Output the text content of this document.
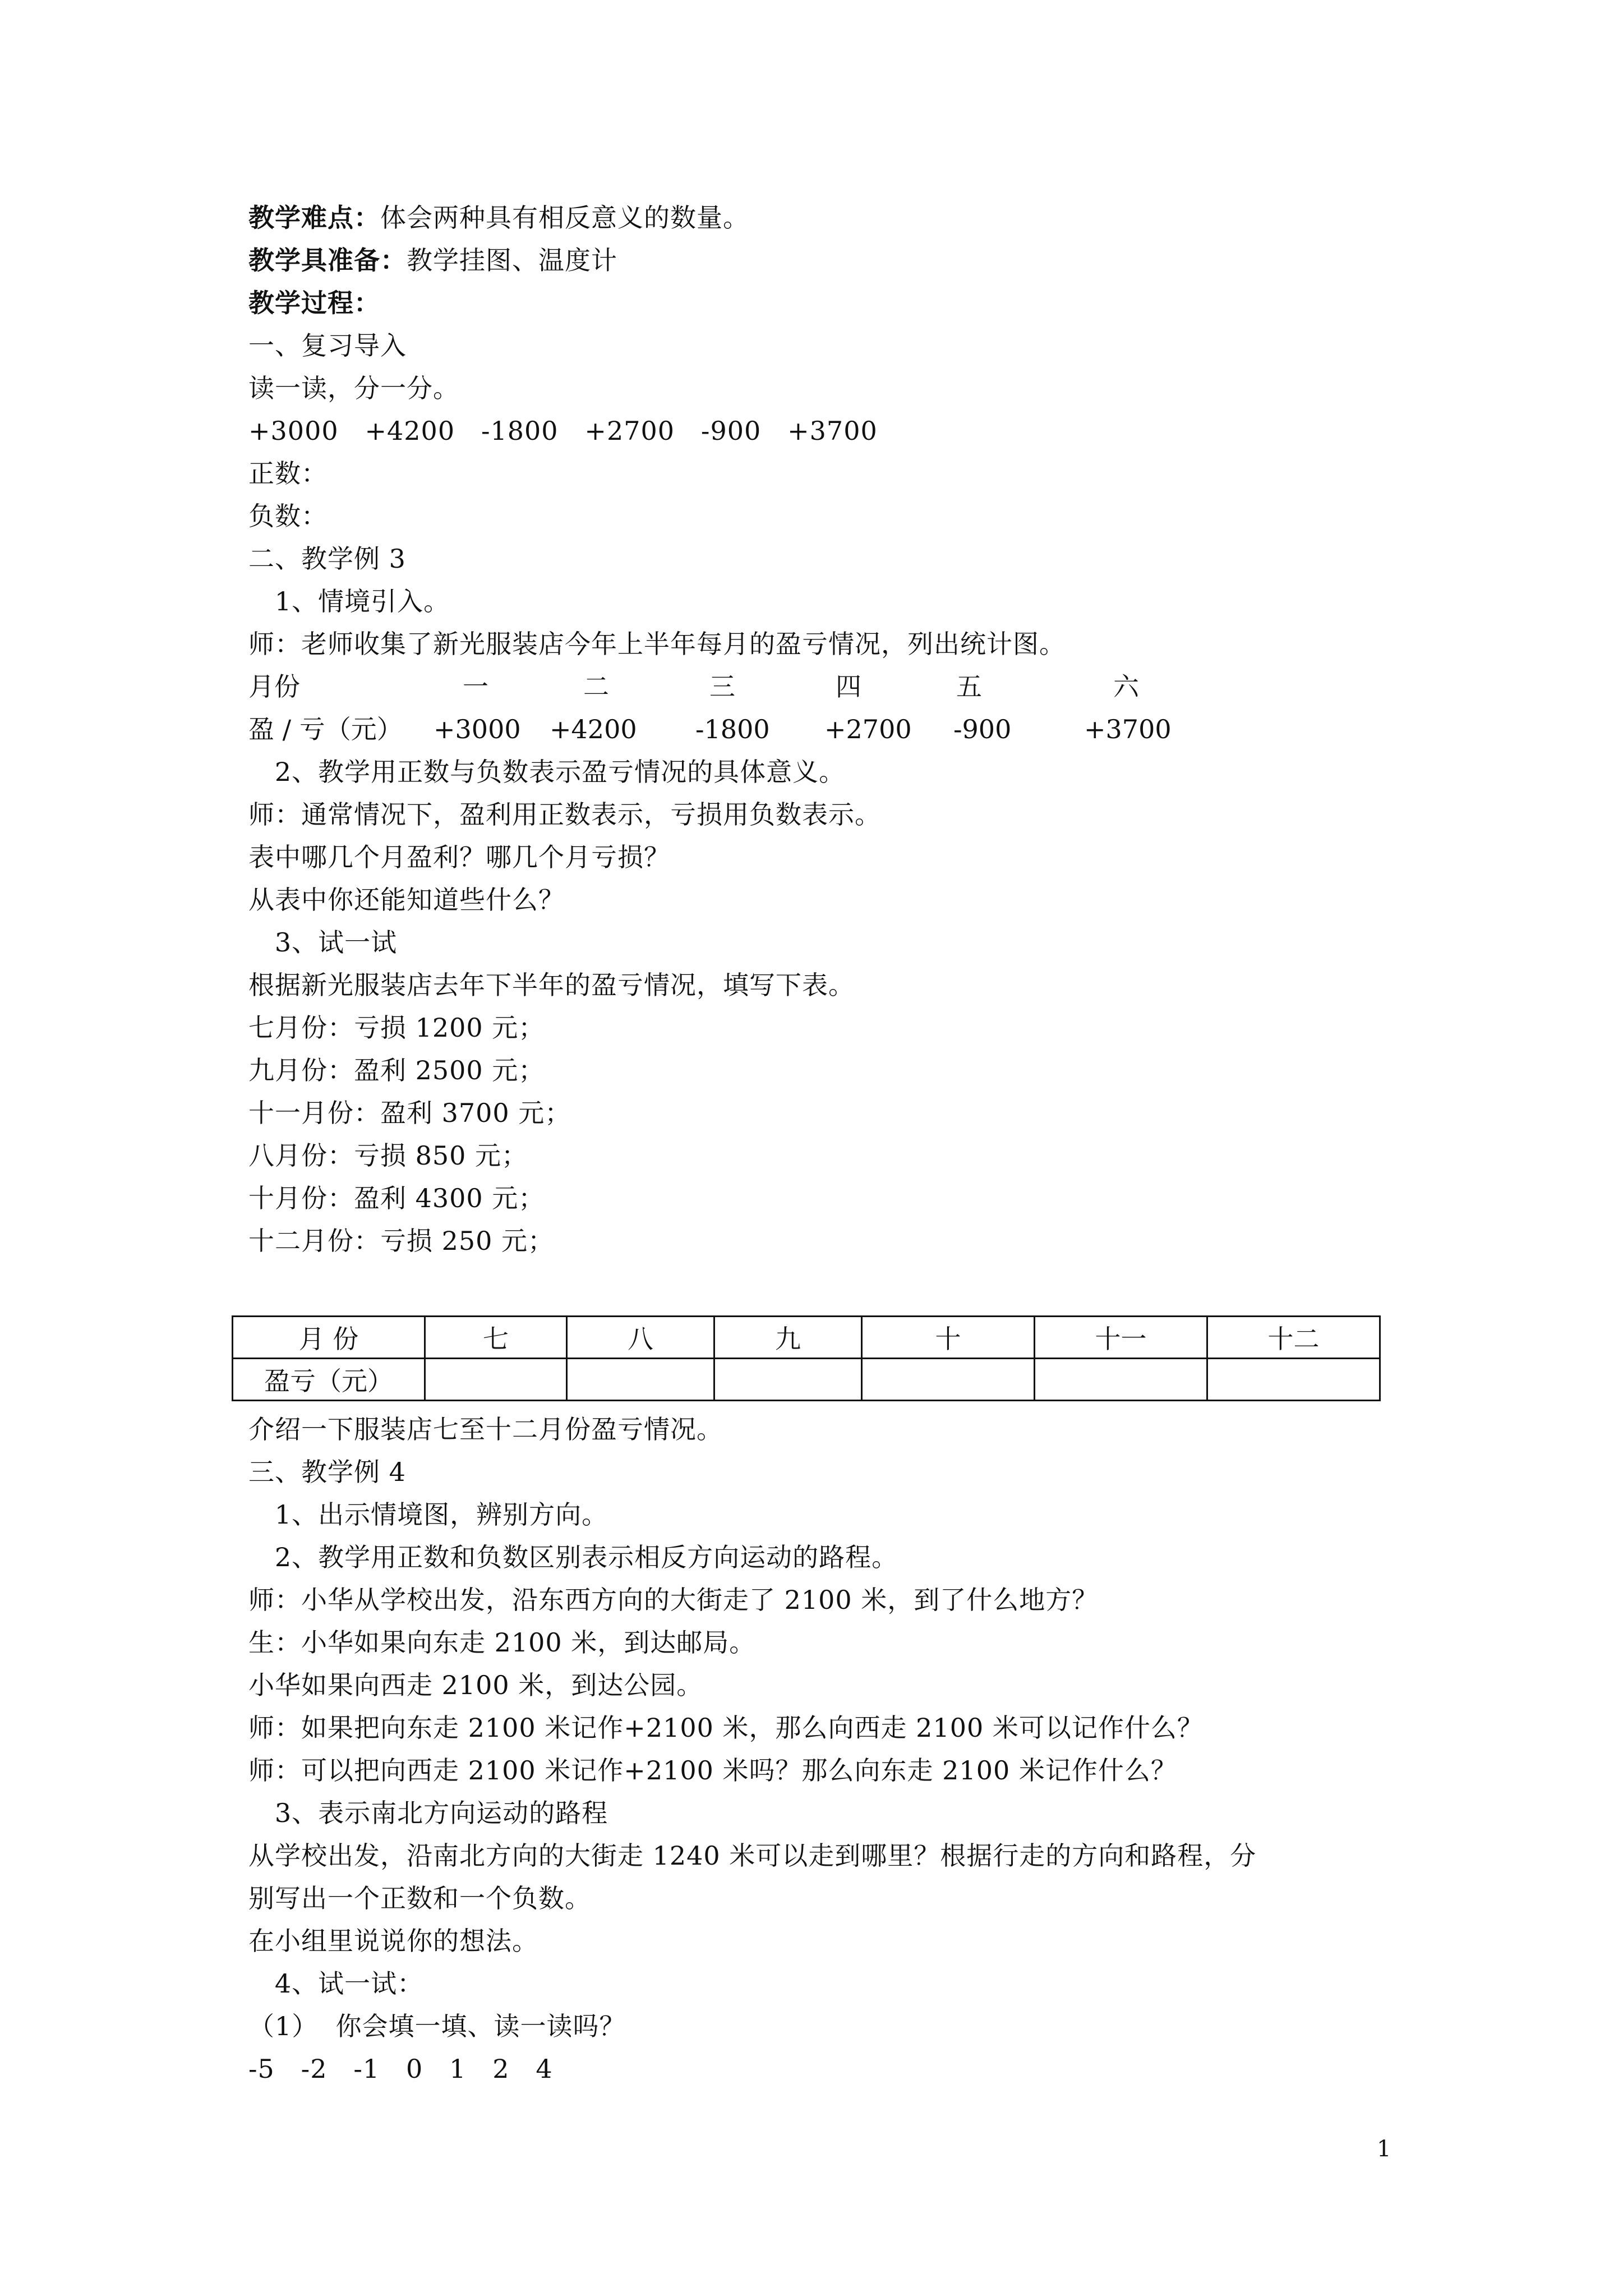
教学难点：体会两种具有相反意义的数量。

教学具准备：教学挂图、温度计

教学过程：

一、复习导入

读一读，分一分。

+3000   +4200   -1800   +2700   -900   +3700

正数：

负数：

二、教学例 3

1、情境引入。

师：老师收集了新光服装店今年上半年每月的盈亏情况，列出统计图。

月份	一	二	三	四	五	六
盈 / 亏（元） +3000 +4200 -1800 +2700 -900	+3700

2、教学用正数与负数表示盈亏情况的具体意义。

师：通常情况下，盈利用正数表示，亏损用负数表示。

表中哪几个月盈利？哪几个月亏损？

从表中你还能知道些什么？

3、试一试

根据新光服装店去年下半年的盈亏情况，填写下表。

七月份：亏损 1200 元；

九月份：盈利 2500 元；

十一月份：盈利 3700 元；

八月份：亏损 850 元；

十月份：盈利 4300 元；

十二月份：亏损 250 元；

月 份	七	八	九	十	十一	十二
盈亏（元）						

介绍一下服装店七至十二月份盈亏情况。

三、教学例 4

1、出示情境图，辨别方向。

2、教学用正数和负数区别表示相反方向运动的路程。

师：小华从学校出发，沿东西方向的大街走了 2100 米，到了什么地方？

生：小华如果向东走 2100 米，到达邮局。

小华如果向西走 2100 米，到达公园。

师：如果把向东走 2100 米记作+2100 米，那么向西走 2100 米可以记作什么？

师：可以把向西走 2100 米记作+2100 米吗？那么向东走 2100 米记作什么？

3、表示南北方向运动的路程

从学校出发，沿南北方向的大街走 1240 米可以走到哪里？根据行走的方向和路程，分

别写出一个正数和一个负数。

在小组里说说你的想法。

4、试一试：

（1）  你会填一填、读一读吗？

-5   -2   -1   0   1   2   4

1
